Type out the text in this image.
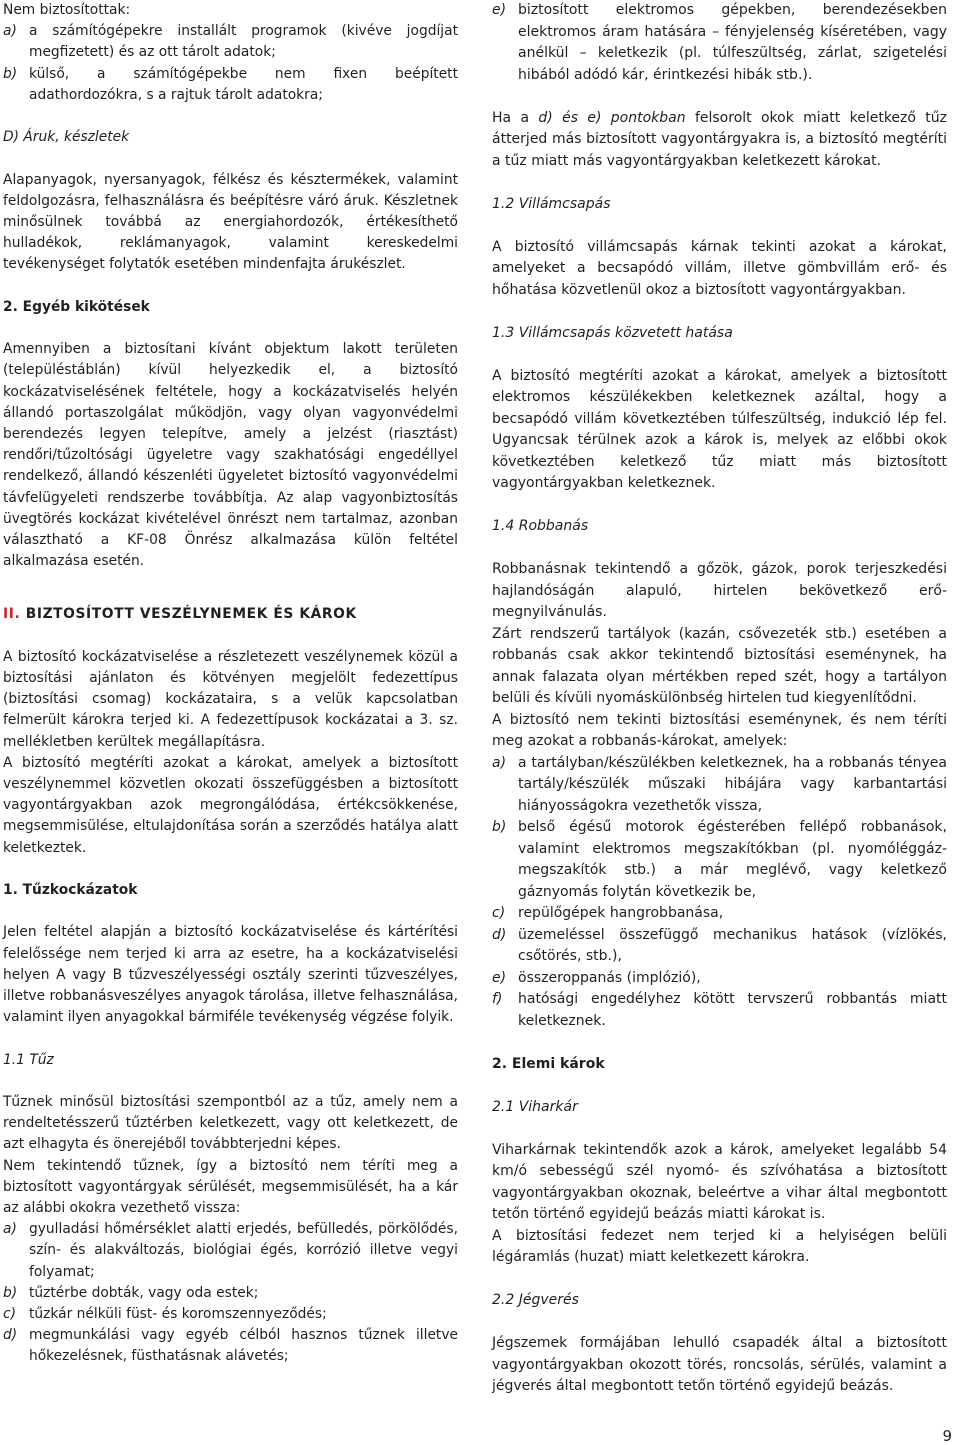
Nem biztosítottak:

a) a számítógépekre installált programok (kivéve jogdíjat megfizetett) és az ott tárolt adatok;

b) külső, a számítógépekbe nem fixen beépített adathordozókra, s a rajtuk tárolt adatokra;

D) Áruk, készletek

Alapanyagok, nyersanyagok, félkész és késztermékek, valamint feldolgozásra, felhasználásra és beépítésre váró áruk. Készletnek minősülnek továbbá az energiahordozók, értékesíthető hulladékok, reklámanyagok, valamint kereskedelmi tevékenységet folytatók esetében mindenfajta árukészlet.

2. Egyéb kikötések

Amennyiben a biztosítani kívánt objektum lakott területen (településtáblán) kívül helyezkedik el, a biztosító kockázatviselésének feltétele, hogy a kockázatviselés helyén állandó portaszolgálat működjön, vagy olyan vagyonvédelmi berendezés legyen telepítve, amely a jelzést (riasztást) rendőri/tűzoltósági ügyeletre vagy szakhatósági engedéllyel rendelkező, állandó készenléti ügyeletet biztosító vagyonvédelmi távfelügyeleti rendszerbe továbbítja. Az alap vagyonbiztosítás üvegtörés kockázat kivételével önrészt nem tartalmaz, azonban választható a KF-08 Önrész alkalmazása külön feltétel alkalmazása esetén.

II. BIZTOSÍTOTT VESZÉLYNEMEK ÉS KÁROK

A biztosító kockázatviselése a részletezett veszélynemek közül a biztosítási ajánlaton és kötvényen megjelölt fedezettípus (biztosítási csomag) kockázataira, s a velük kapcsolatban felmerült károkra terjed ki. A fedezettípusok kockázatai a 3. sz. mellékletben kerültek megállapításra.

A biztosító megtéríti azokat a károkat, amelyek a biztosított veszélynemmel közvetlen okozati összefüggésben a biztosított vagyontárgyakban azok megrongálódása, értékcsökkenése, megsemmisülése, eltulajdonítása során a szerződés hatálya alatt keletkeztek.

1. Tűzkockázatok

Jelen feltétel alapján a biztosító kockázatviselése és kártérítési felelőssége nem terjed ki arra az esetre, ha a kockázatviselési helyen A vagy B tűzveszélyességi osztály szerinti tűzveszélyes, illetve robbanásveszélyes anyagok tárolása, illetve felhasználása, valamint ilyen anyagokkal bármiféle tevékenység végzése folyik.

1.1 Tűz

Tűznek minősül biztosítási szempontból az a tűz, amely nem a rendeltetésszerű tűztérben keletkezett, vagy ott keletkezett, de azt elhagyta és önerejéből továbbterjedni képes.

Nem tekintendő tűznek, így a biztosító nem téríti meg a biztosított vagyontárgyak sérülését, megsemmisülését, ha a kár az alábbi okokra vezethető vissza:

a) gyulladási hőmérséklet alatti erjedés, befülledés, pörkölődés, szín- és alakváltozás, biológiai égés, korrózió illetve vegyi folyamat;

b) tűztérbe dobták, vagy oda estek;

c) tűzkár nélküli füst- és koromszennyeződés;

d) megmunkálási vagy egyéb célból hasznos tűznek illetve hőkezelésnek, füsthatásnak alávetés;

e) biztosított elektromos gépekben, berendezésekben elektromos áram hatására – fényjelenség kíséretében, vagy anélkül – keletkezik (pl. túlfeszültség, zárlat, szigetelési hibából adódó kár, érintkezési hibák stb.).

Ha a d) és e) pontokban felsorolt okok miatt keletkező tűz átterjed más biztosított vagyontárgyakra is, a biztosító megtéríti a tűz miatt más vagyontárgyakban keletkezett károkat.

1.2 Villámcsapás

A biztosító villámcsapás kárnak tekinti azokat a károkat, amelyeket a becsapódó villám, illetve gömbvillám erő- és hőhatása közvetlenül okoz a biztosított vagyontárgyakban.

1.3 Villámcsapás közvetett hatása

A biztosító megtéríti azokat a károkat, amelyek a biztosított elektromos készülékekben keletkeznek azáltal, hogy a becsapódó villám következtében túlfeszültség, indukció lép fel. Ugyancsak térülnek azok a károk is, melyek az előbbi okok következtében keletkező tűz miatt más biztosított vagyontárgyakban keletkeznek.

1.4 Robbanás

Robbanásnak tekintendő a gőzök, gázok, porok terjeszkedési hajlandóságán alapuló, hirtelen bekövetkező erő-megnyilvánulás.

Zárt rendszerű tartályok (kazán, csővezeték stb.) esetében a robbanás csak akkor tekintendő biztosítási eseménynek, ha annak falazata olyan mértékben reped szét, hogy a tartályon belüli és kívüli nyomáskülönbség hirtelen tud kiegyenlítődni.

A biztosító nem tekinti biztosítási eseménynek, és nem téríti meg azokat a robbanás-károkat, amelyek:

a) a tartályban/készülékben keletkeznek, ha a robbanás tényea tartály/készülék műszaki hibájára vagy karbantartási hiányosságokra vezethetők vissza,

b) belső égésű motorok égésterében fellépő robbanások, valamint elektromos megszakítókban (pl. nyomóléggáz- megszakítók stb.) a már meglévő, vagy keletkező gáznyomás folytán következik be,

c) repülőgépek hangrobbanása,

d) üzemeléssel összefüggő mechanikus hatások (vízlökés, csőtörés, stb.),

e) összeroppanás (implózió),

f) hatósági engedélyhez kötött tervszerű robbantás miatt keletkeznek.

2. Elemi károk

2.1 Viharkár

Viharkárnak tekintendők azok a károk, amelyeket legalább 54 km/ó sebességű szél nyomó- és szívóhatása a biztosított vagyontárgyakban okoznak, beleértve a vihar által megbontott tetőn történő egyidejű beázás miatti károkat is.

A biztosítási fedezet nem terjed ki a helyiségen belüli légáramlás (huzat) miatt keletkezett károkra.

2.2 Jégverés

Jégszemek formájában lehulló csapadék által a biztosított vagyontárgyakban okozott törés, roncsolás, sérülés, valamint a jégverés által megbontott tetőn történő egyidejű beázás.

9
